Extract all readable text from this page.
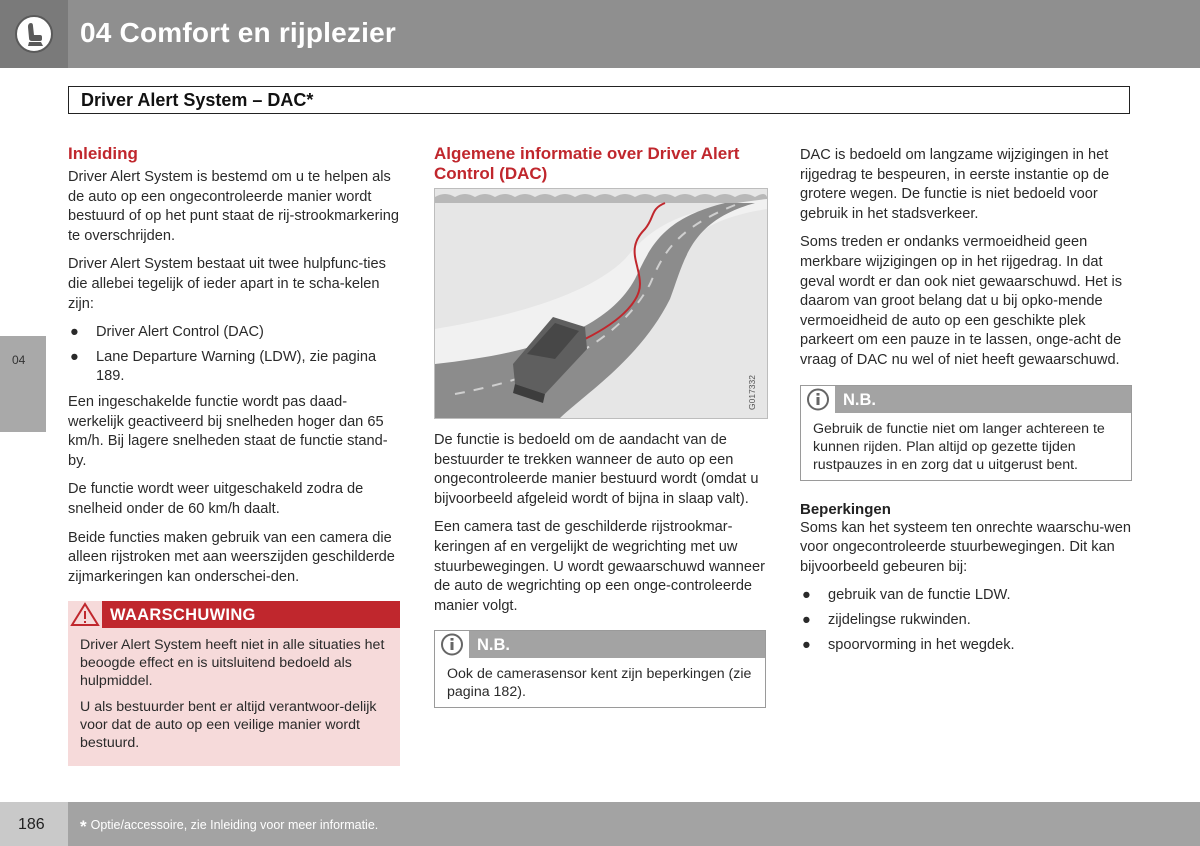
04 Comfort en rijplezier
Driver Alert System – DAC*
04
Inleiding

Driver Alert System is bestemd om u te helpen als de auto op een ongecontroleerde manier wordt bestuurd of op het punt staat de rij-strookmarkering te overschrijden.

Driver Alert System bestaat uit twee hulpfunc-ties die allebei tegelijk of ieder apart in te scha-kelen zijn:

● Driver Alert Control (DAC)
● Lane Departure Warning (LDW), zie pagina 189.

Een ingeschakelde functie wordt pas daad-werkelijk geactiveerd bij snelheden hoger dan 65 km/h. Bij lagere snelheden staat de functie stand-by.

De functie wordt weer uitgeschakeld zodra de snelheid onder de 60 km/h daalt.

Beide functies maken gebruik van een camera die alleen rijstroken met aan weerszijden geschilderde zijmarkeringen kan onderschei-den.

WAARSCHUWING

Driver Alert System heeft niet in alle situaties het beoogde effect en is uitsluitend bedoeld als hulpmiddel.

U als bestuurder bent er altijd verantwoor-delijk voor dat de auto op een veilige manier wordt bestuurd.

Algemene informatie over Driver Alert Control (DAC)
G017332

De functie is bedoeld om de aandacht van de bestuurder te trekken wanneer de auto op een ongecontroleerde manier bestuurd wordt (omdat u bijvoorbeeld afgeleid wordt of bijna in slaap valt).

Een camera tast de geschilderde rijstrookmar-keringen af en vergelijkt de wegrichting met uw stuurbewegingen. U wordt gewaarschuwd wanneer de auto de wegrichting op een onge-controleerde manier volgt.

N.B.
Ook de camerasensor kent zijn beperkingen (zie pagina 182).

DAC is bedoeld om langzame wijzigingen in het rijgedrag te bespeuren, in eerste instantie op de grotere wegen. De functie is niet bedoeld voor gebruik in het stadsverkeer.

Soms treden er ondanks vermoeidheid geen merkbare wijzigingen op in het rijgedrag. In dat geval wordt er dan ook niet gewaarschuwd. Het is daarom van groot belang dat u bij opko-mende vermoeidheid de auto op een geschikte plek parkeert om een pauze in te lassen, onge-acht de vraag of DAC nu wel of niet heeft gewaarschuwd.

N.B.
Gebruik de functie niet om langer achtereen te kunnen rijden. Plan altijd op gezette tijden rustpauzes in en zorg dat u uitgerust bent.
Beperkingen

Soms kan het systeem ten onrechte waarschu-wen voor ongecontroleerde stuurbewegingen. Dit kan bijvoorbeeld gebeuren bij:

● gebruik van de functie LDW.
● zijdelingse rukwinden.
● spoorvorming in het wegdek.
186 * Optie/accessoire, zie Inleiding voor meer informatie.
